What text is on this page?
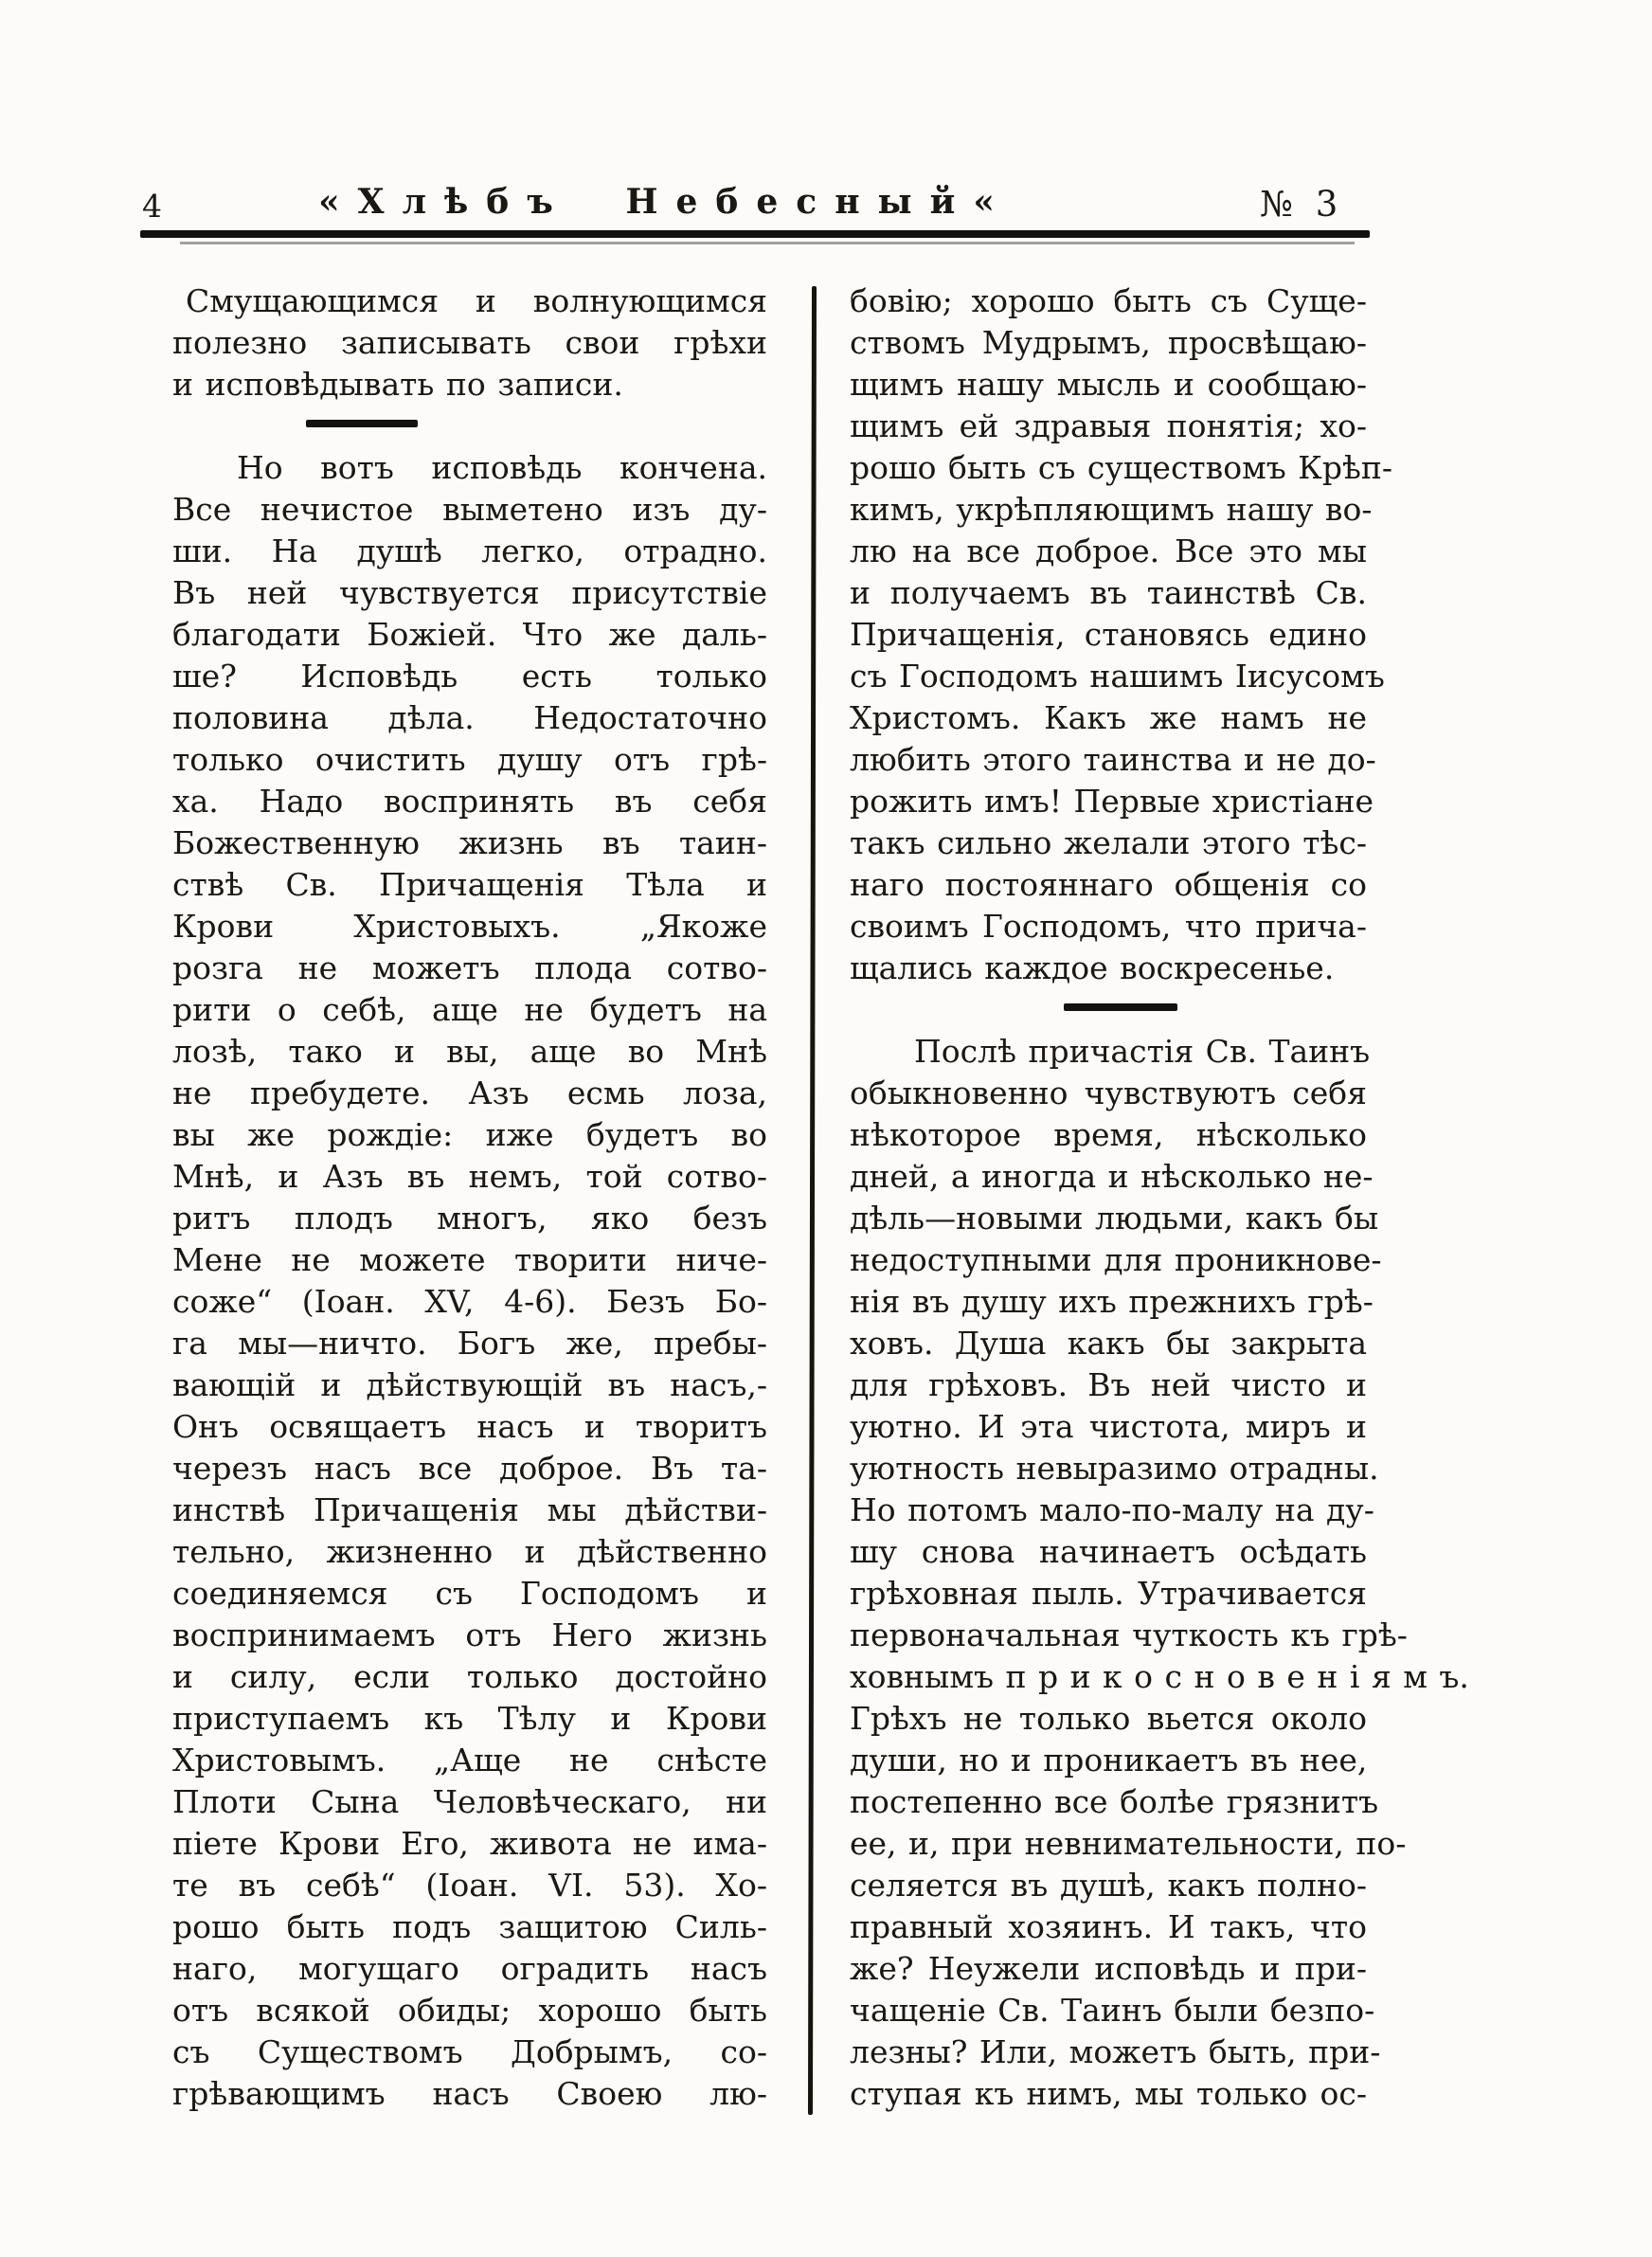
4	«Хлѣбъ Небесный«	№ 3
Смущающимся и волнующимся
полезно записывать свои грѣхи
и исповѣдывать по записи.
Но вотъ исповѣдь кончена.
Все нечистое выметено изъ ду-
ши. На душѣ легко, отрадно.
Въ ней чувствуется присутствіе
благодати Божіей. Что же даль-
ше? Исповѣдь есть только
половина дѣла. Недостаточно
только очистить душу отъ грѣ-
ха. Надо воспринять въ себя
Божественную жизнь въ таин-
ствѣ Св. Причащенія Тѣла и
Крови Христовыхъ. „Якоже
розга не можетъ плода сотво-
рити о себѣ, аще не будетъ на
лозѣ, тако и вы, аще во Мнѣ
не пребудете. Азъ есмь лоза,
вы же рождіе: иже будетъ во
Мнѣ, и Азъ въ немъ, той сотво-
ритъ плодъ многъ, яко безъ
Мене не можете творити ниче-
соже“ (Іоан. XV, 4-6). Безъ Бо-
га мы—ничто. Богъ же, пребы-
вающій и дѣйствующій въ насъ,-
Онъ освящаетъ насъ и творитъ
черезъ насъ все доброе. Въ та-
инствѣ Причащенія мы дѣйстви-
тельно, жизненно и дѣйственно
соединяемся съ Господомъ и
воспринимаемъ отъ Него жизнь
и силу, если только достойно
приступаемъ къ Тѣлу и Крови
Христовымъ. „Аще не снѣсте
Плоти Сына Человѣческаго, ни
піете Крови Его, живота не има-
те въ себѣ“ (Іоан. VI. 53). Хо-
рошо быть подъ защитою Силь-
наго, могущаго оградить насъ
отъ всякой обиды; хорошо быть
съ Существомъ Добрымъ, со-
грѣвающимъ насъ Своею лю-
бовію; хорошо быть съ Суще-
ствомъ Мудрымъ, просвѣщаю-
щимъ нашу мысль и сообщаю-
щимъ ей здравыя понятія; хо-
рошо быть съ существомъ Крѣп-
кимъ, укрѣпляющимъ нашу во-
лю на все доброе. Все это мы
и получаемъ въ таинствѣ Св.
Причащенія, становясь едино
съ Господомъ нашимъ Іисусомъ
Христомъ. Какъ же намъ не
любить этого таинства и не до-
рожить имъ! Первые христіане
такъ сильно желали этого тѣс-
наго постояннаго общенія со
своимъ Господомъ, что прича-
щались каждое воскресенье.
Послѣ причастія Св. Таинъ
обыкновенно чувствуютъ себя
нѣкоторое время, нѣсколько
дней, а иногда и нѣсколько не-
дѣль—новыми людьми, какъ бы
недоступными для проникнове-
нія въ душу ихъ прежнихъ грѣ-
ховъ. Душа какъ бы закрыта
для грѣховъ. Въ ней чисто и
уютно. И эта чистота, миръ и
уютность невыразимо отрадны.
Но потомъ мало-по-малу на ду-
шу снова начинаетъ осѣдать
грѣховная пыль. Утрачивается
первоначальная чуткость къ грѣ-
ховнымъ п р и к о с н о в е н і я м ъ.
Грѣхъ не только вьется около
души, но и проникаетъ въ нее,
постепенно все болѣе грязнитъ
ее, и, при невнимательности, по-
селяется въ душѣ, какъ полно-
правный хозяинъ. И такъ, что
же? Неужели исповѣдь и при-
чащеніе Св. Таинъ были безпо-
лезны? Или, можетъ быть, при-
ступая къ нимъ, мы только ос-
